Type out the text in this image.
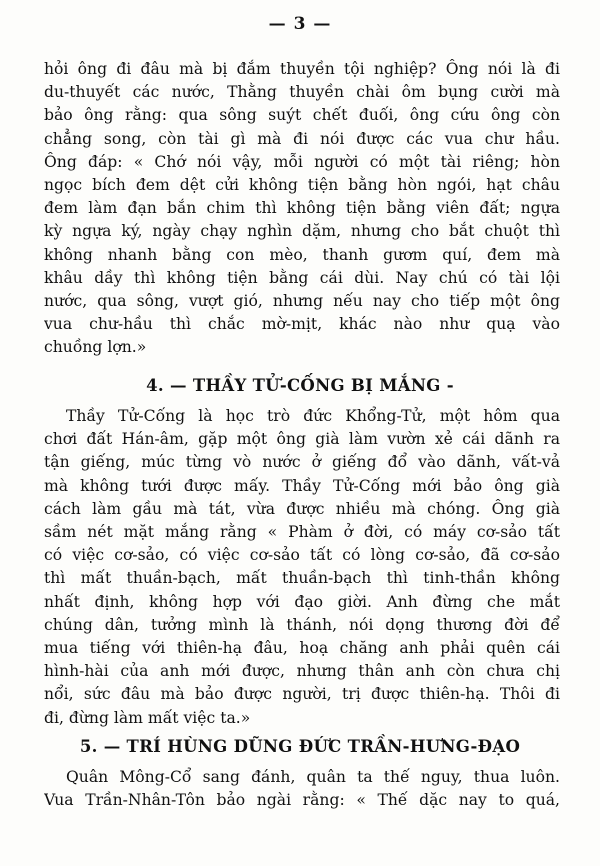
— 3 —
hỏi ông đi đâu mà bị đắm thuyền tội nghiệp? Ông nói là đi
du-thuyết các nước, Thằng thuyền chài ôm bụng cười mà
bảo ông rằng: qua sông suýt chết đuối, ông cứu ông còn
chẳng song, còn tài gì mà đi nói được các vua chư hầu.
Ông đáp: « Chớ nói vậy, mỗi người có một tài riêng; hòn
ngọc bích đem dệt cửi không tiện bằng hòn ngói, hạt châu
đem làm đạn bắn chim thì không tiện bằng viên đất; ngựa
kỳ ngựa ký, ngày chạy nghìn dặm, nhưng cho bắt chuột thì
không nhanh bằng con mèo, thanh gươm quí, đem mà
khâu dầy thì không tiện bằng cái dùi. Nay chú có tài lội
nước, qua sông, vượt gió, nhưng nếu nay cho tiếp một ông
vua chư-hầu thì chắc mờ-mịt, khác nào như quạ vào
chuồng lợn.»
4. — THẦY TỬ-CỐNG BỊ MẮNG -
Thầy Tử-Cống là học trò đức Khổng-Tử, một hôm qua
chơi đất Hán-âm, gặp một ông già làm vườn xẻ cái dãnh ra
tận giếng, múc từng vò nước ở giếng đổ vào dãnh, vất-vả
mà không tưới được mấy. Thầy Tử-Cống mới bảo ông già
cách làm gầu mà tát, vừa được nhiều mà chóng. Ông già
sầm nét mặt mắng rằng « Phàm ở đời, có máy cơ-sảo tất
có việc cơ-sảo, có việc cơ-sảo tất có lòng cơ-sảo, đã cơ-sảo
thì mất thuần-bạch, mất thuần-bạch thì tinh-thần không
nhất định, không hợp với đạo giời. Anh đừng che mắt
chúng dân, tưởng mình là thánh, nói dọng thương đời để
mua tiếng với thiên-hạ đâu, hoạ chăng anh phải quên cái
hình-hài của anh mới được, nhưng thân anh còn chưa chị
nổi, sức đâu mà bảo được người, trị được thiên-hạ. Thôi đi
đi, đừng làm mất việc ta.»
5. — TRÍ HÙNG DŨNG ĐỨC TRẦN-HƯNG-ĐẠO
Quân Mông-Cổ sang đánh, quân ta thế nguy, thua luôn.
Vua Trần-Nhân-Tôn bảo ngài rằng: « Thế dặc nay to quá,
